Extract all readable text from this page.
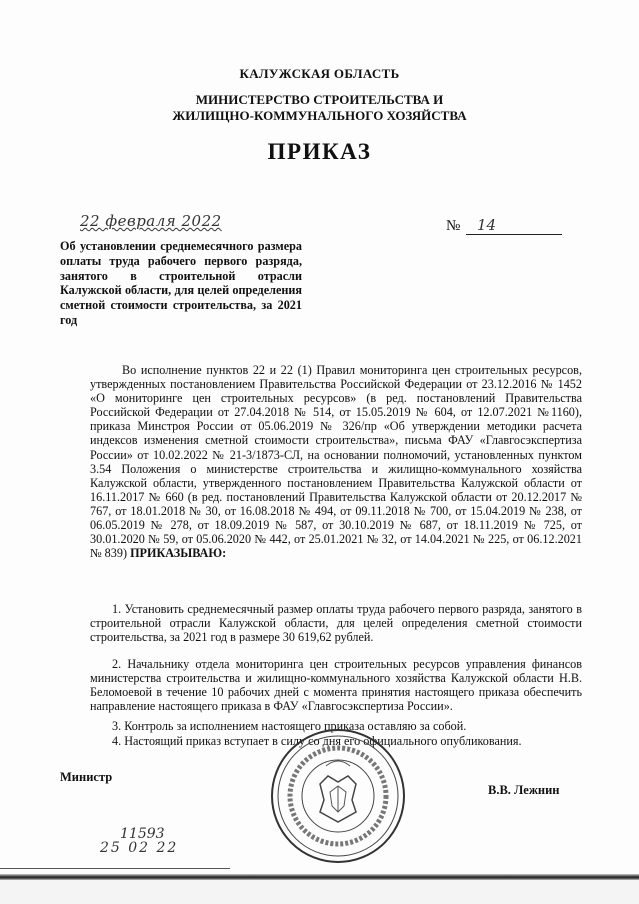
КАЛУЖСКАЯ ОБЛАСТЬ
МИНИСТЕРСТВО СТРОИТЕЛЬСТВА И
ЖИЛИЩНО-КОММУНАЛЬНОГО ХОЗЯЙСТВА
ПРИКАЗ
22 февраля 2022	№ 14
Об установлении среднемесячного размера оплаты труда рабочего первого разряда, занятого в строительной отрасли Калужской области, для целей определения сметной стоимости строительства, за 2021 год
Во исполнение пунктов 22 и 22 (1) Правил мониторинга цен строительных ресурсов, утвержденных постановлением Правительства Российской Федерации от 23.12.2016 № 1452 «О мониторинге цен строительных ресурсов» (в ред. постановлений Правительства Российской Федерации от 27.04.2018 № 514, от 15.05.2019 № 604, от 12.07.2021 №1160), приказа Минстроя России от 05.06.2019 № 326/пр «Об утверждении методики расчета индексов изменения сметной стоимости строительства», письма ФАУ «Главгосэкспертиза России» от 10.02.2022 № 21-3/1873-СЛ, на основании полномочий, установленных пунктом 3.54 Положения о министерстве строительства и жилищно-коммунального хозяйства Калужской области, утвержденного постановлением Правительства Калужской области от 16.11.2017 № 660 (в ред. постановлений Правительства Калужской области от 20.12.2017 № 767, от 18.01.2018 № 30, от 16.08.2018 № 494, от 09.11.2018 № 700, от 15.04.2019 № 238, от 06.05.2019 № 278, от 18.09.2019 № 587, от 30.10.2019 № 687, от 18.11.2019 № 725, от 30.01.2020 № 59, от 05.06.2020 № 442, от 25.01.2021 № 32, от 14.04.2021 № 225, от 06.12.2021 № 839) ПРИКАЗЫВАЮ:
1. Установить среднемесячный размер оплаты труда рабочего первого разряда, занятого в строительной отрасли Калужской области, для целей определения сметной стоимости строительства, за 2021 год в размере 30 619,62 рублей.
2. Начальнику отдела мониторинга цен строительных ресурсов управления финансов министерства строительства и жилищно-коммунального хозяйства Калужской области Н.В. Беломоевой в течение 10 рабочих дней с момента принятия настоящего приказа обеспечить направление настоящего приказа в ФАУ «Главгосэкспертиза России».
3. Контроль за исполнением настоящего приказа оставляю за собой.
4. Настоящий приказ вступает в силу со дня его официального опубликования.
Министр
В.В. Лежнин
11593
25 02 22
